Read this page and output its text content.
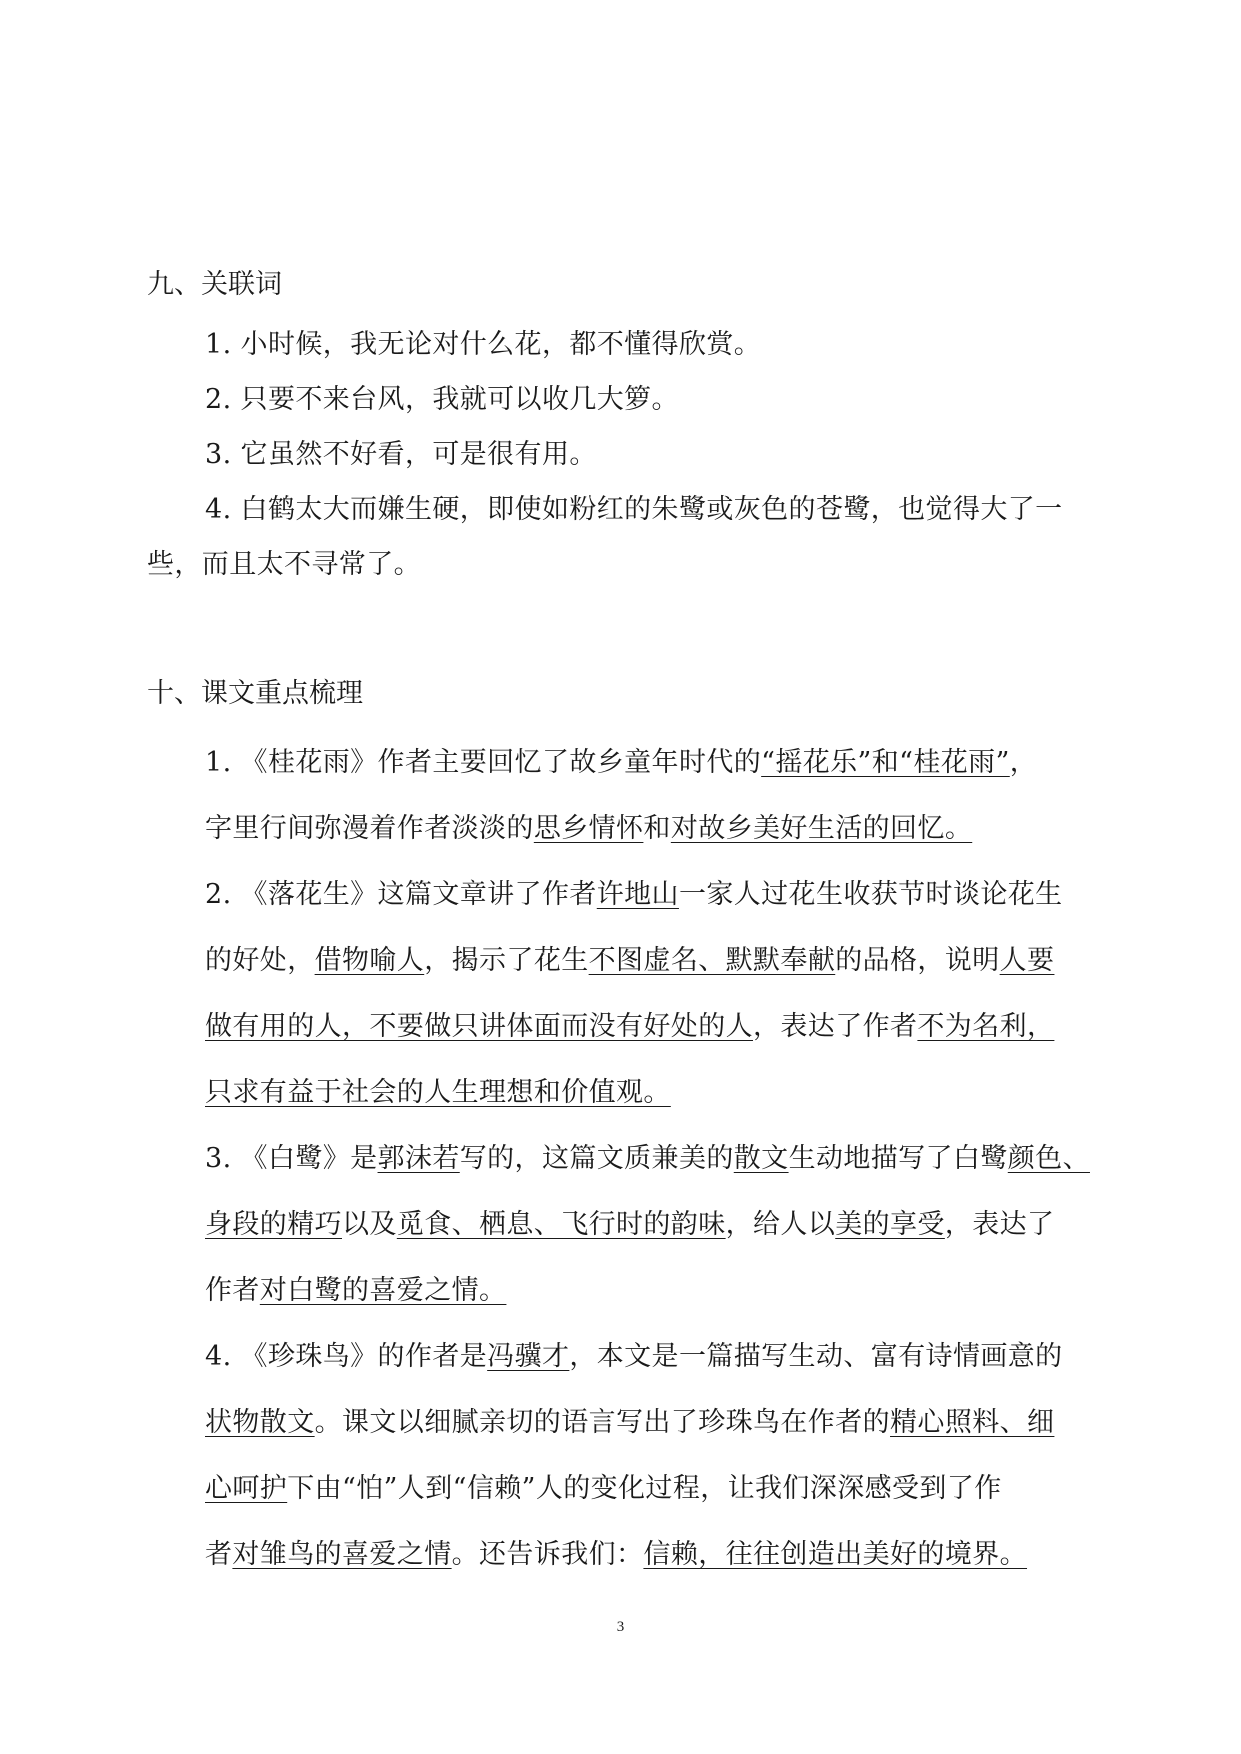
九、关联词
1. 小时候，我无论对什么花，都不懂得欣赏。
2. 只要不来台风，我就可以收几大箩。
3. 它虽然不好看，可是很有用。
4. 白鹤太大而嫌生硬，即使如粉红的朱鹭或灰色的苍鹭，也觉得大了一
些，而且太不寻常了。
十、课文重点梳理
1. 《桂花雨》作者主要回忆了故乡童年时代的“摇花乐”和“桂花雨”，
字里行间弥漫着作者淡淡的思乡情怀和对故乡美好生活的回忆。
2. 《落花生》这篇文章讲了作者许地山一家人过花生收获节时谈论花生
的好处，借物喻人，揭示了花生不图虚名、默默奉献的品格，说明人要
做有用的人，不要做只讲体面而没有好处的人，表达了作者不为名利，
只求有益于社会的人生理想和价值观。
3. 《白鹭》是郭沫若写的，这篇文质兼美的散文生动地描写了白鹭颜色、
身段的精巧以及觅食、栖息、飞行时的韵味，给人以美的享受，表达了
作者对白鹭的喜爱之情。
4. 《珍珠鸟》的作者是冯骥才，本文是一篇描写生动、富有诗情画意的
状物散文。课文以细腻亲切的语言写出了珍珠鸟在作者的精心照料、细
心呵护下由“怕”人到“信赖”人的变化过程，让我们深深感受到了作
者对雏鸟的喜爱之情。还告诉我们：信赖，往往创造出美好的境界。
3
